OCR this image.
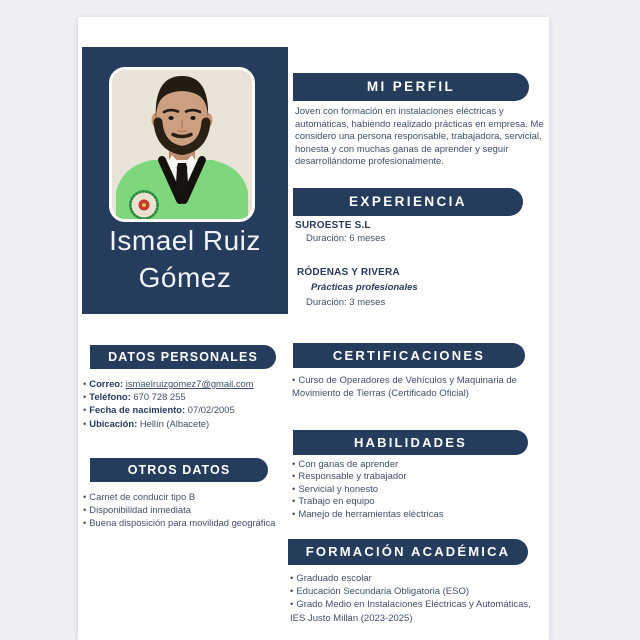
Ismael Ruiz
Gómez
DATOS PERSONALES
• Correo: ismaelruizgomez7@gmail.com
• Teléfono: 670 728 255
• Fecha de nacimiento: 07/02/2005
• Ubicación: Hellín (Albacete)
OTROS DATOS
• Carnet de conducir tipo B
• Disponibilidad inmediata
• Buena disposición para movilidad geográfica
MI PERFIL
Joven con formación en instalaciones eléctricas y automáticas, habiendo realizado prácticas en empresa. Me considero una persona responsable, trabajadora, servicial, honesta y con muchas ganas de aprender y seguir desarrollándome profesionalmente.
EXPERIENCIA
SUROESTE S.L
Duración: 6 meses
RÓDENAS Y RIVERA
Prácticas profesionales
Duración: 3 meses
CERTIFICACIONES
• Curso de Operadores de Vehículos y Maquinaria de Movimiento de Tierras (Certificado Oficial)
HABILIDADES
• Con ganas de aprender
• Responsable y trabajador
• Servicial y honesto
• Trabajo en equipo
• Manejo de herramientas eléctricas
FORMACIÓN ACADÉMICA
• Graduado escolar
• Educación Secundaria Obligatoria (ESO)
• Grado Medio en Instalaciones Eléctricas y Automáticas, IES Justo Millán (2023-2025)
